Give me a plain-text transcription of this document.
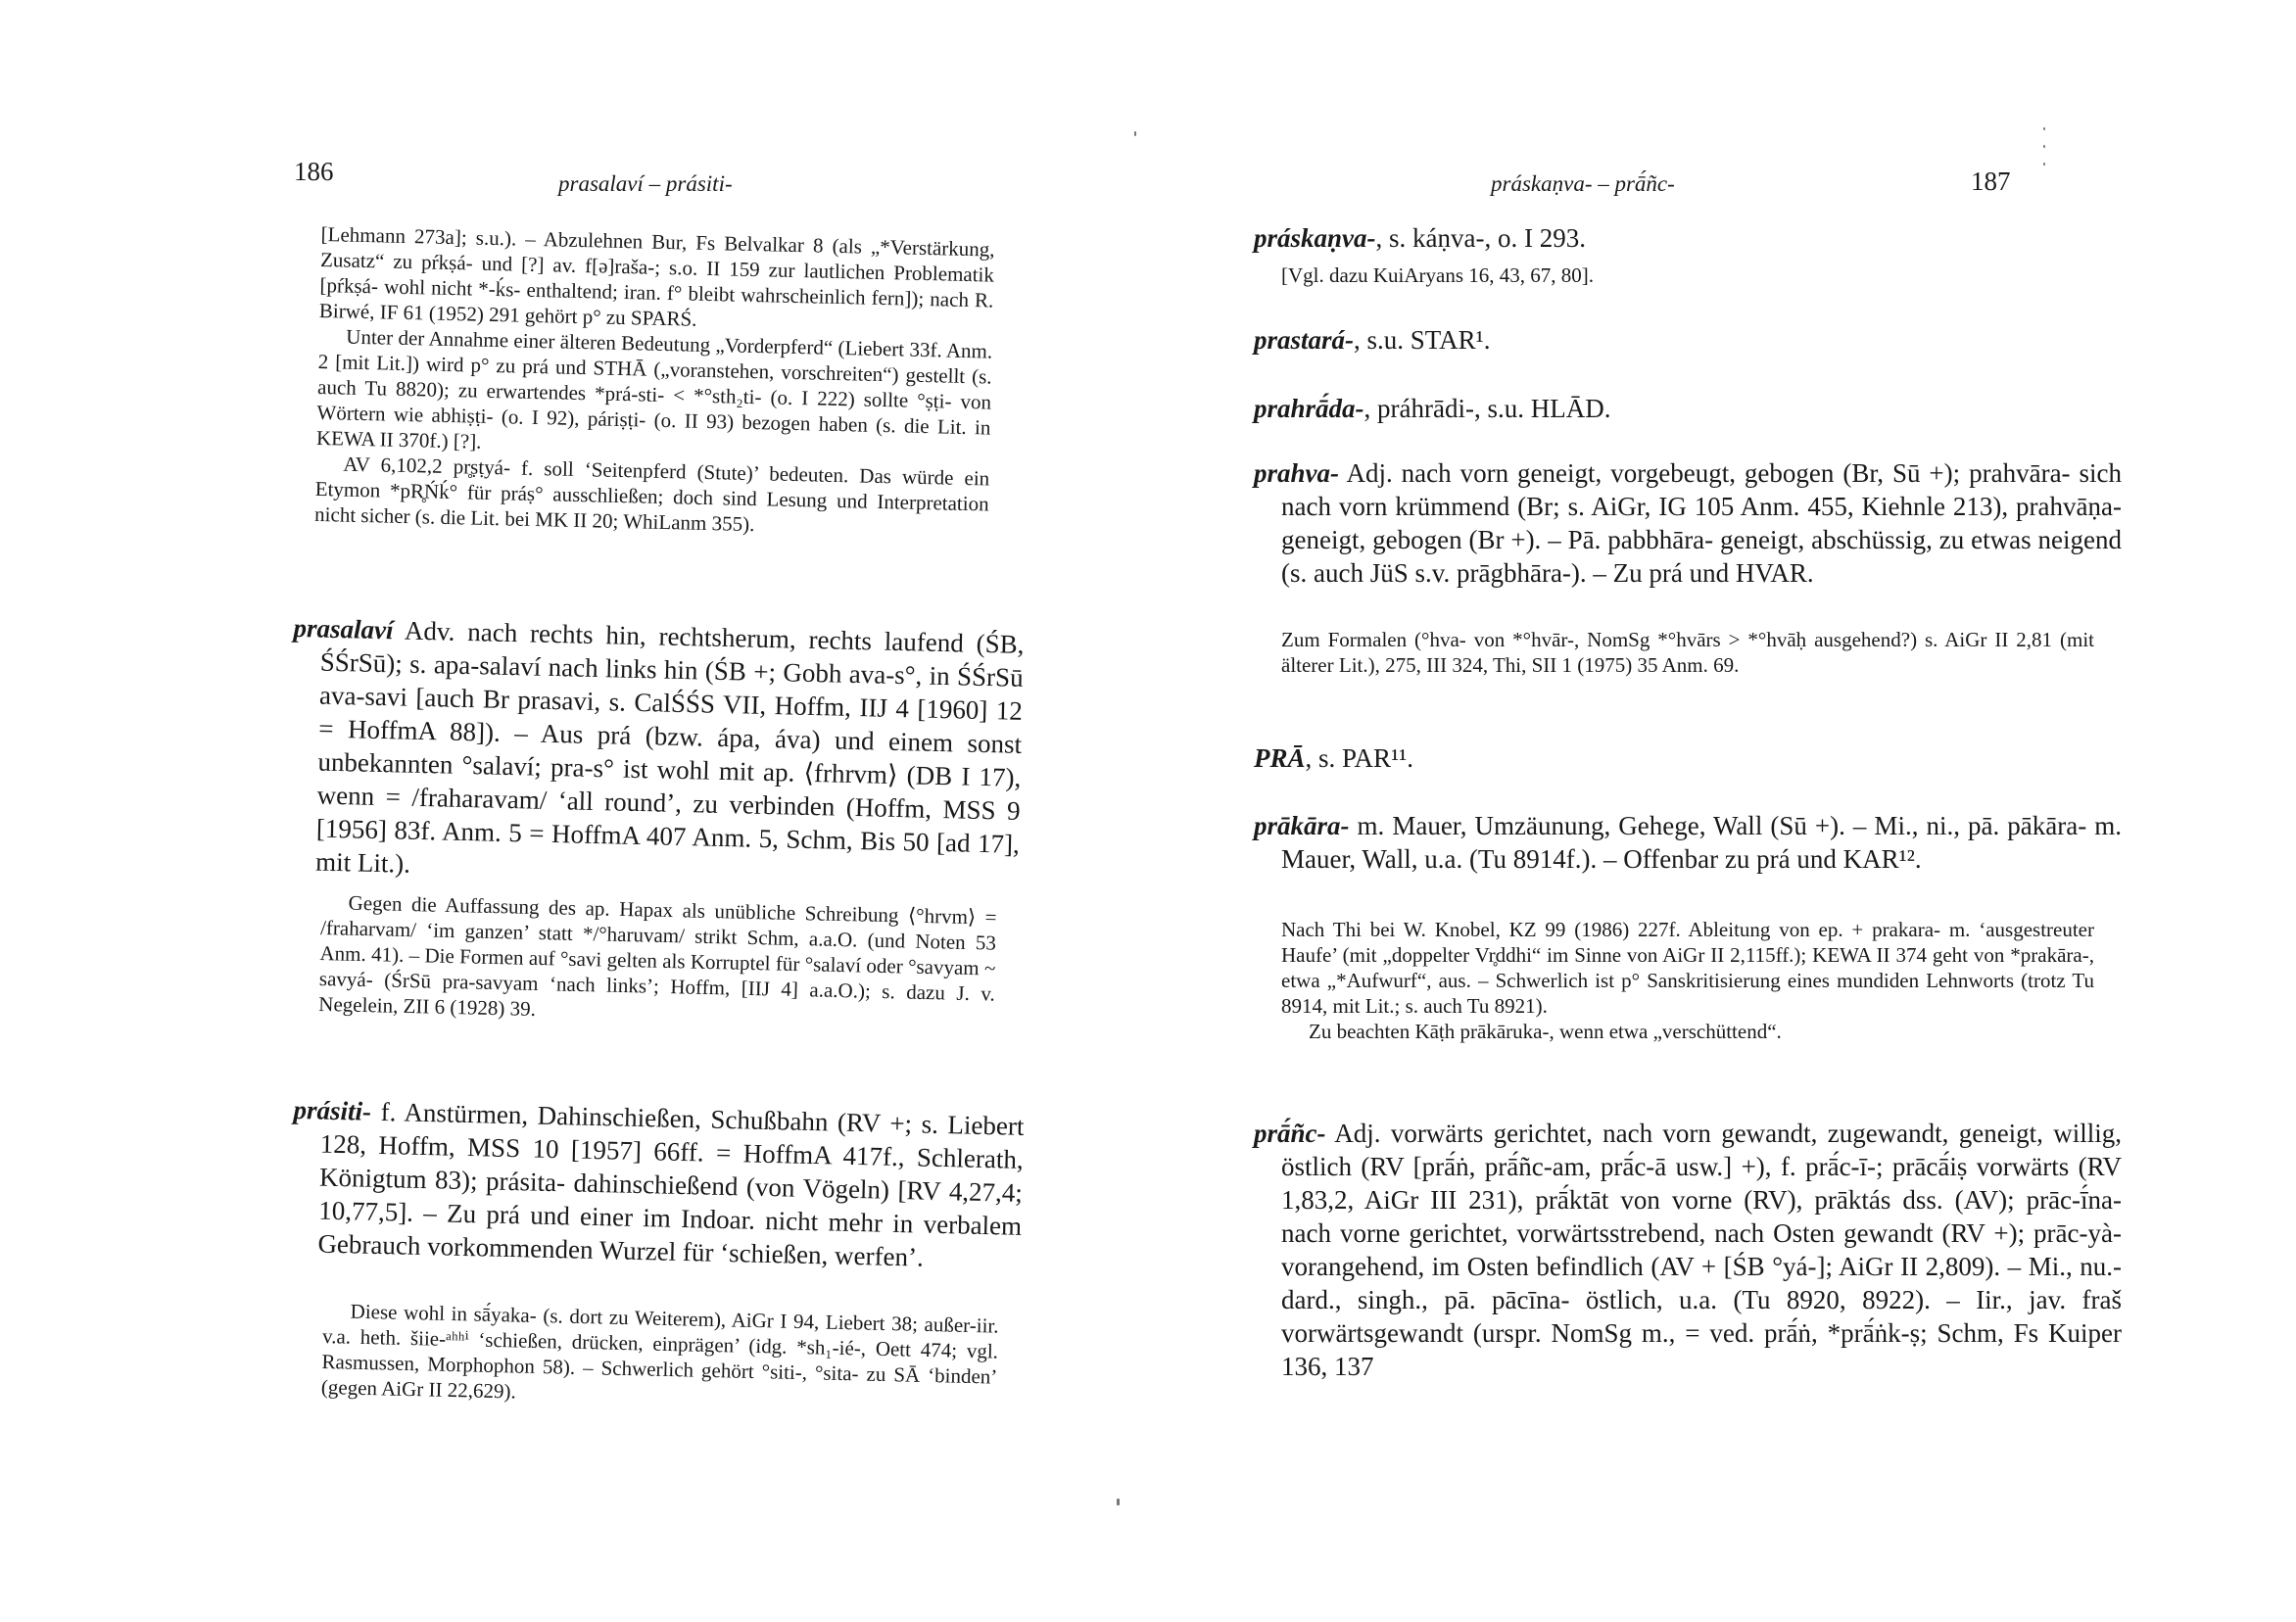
186	prasalaví – prásiti-

[Lehmann 273a]; s.u.). – Abzulehnen Bur, Fs Belvalkar 8 (als „*Verstärkung, Zusatz“ zu pŕkṣá- und [?] av. f[ə]raša-; s.o. II 159 zur lautlichen Problematik [pŕkṣá- wohl nicht *-ḱs- enthaltend; iran. f° bleibt wahrscheinlich fern]); nach R. Birwé, IF 61 (1952) 291 gehört p° zu SPARŚ.

Unter der Annahme einer älteren Bedeutung „Vorderpferd“ (Liebert 33f. Anm. 2 [mit Lit.]) wird p° zu prá und STHĀ („voranstehen, vorschreiten“) gestellt (s. auch Tu 8820); zu erwartendes *prá-sti- < *°sth₂ti- (o. I 222) sollte °ṣṭi- von Wörtern wie abhiṣṭi- (o. I 92), páriṣṭi- (o. II 93) bezogen haben (s. die Lit. in KEWA II 370f.) [?].

AV 6,102,2 pr̥ṣṭyá- f. soll ‘Seitenpferd (Stute)’ bedeuten. Das würde ein Etymon *pR̥Ńḱ° für práṣ° ausschließen; doch sind Lesung und Interpretation nicht sicher (s. die Lit. bei MK II 20; WhiLanm 355).

prasalaví Adv. nach rechts hin, rechtsherum, rechts laufend (ŚB, ŚŚrSū); s. apa-salaví nach links hin (ŚB +; Gobh ava-s°, in ŚŚrSū ava-savi [auch Br prasavi, s. CalŚŚS VII, Hoffm, IIJ 4 [1960] 12 = HoffmA 88]). – Aus prá (bzw. ápa, áva) und einem sonst unbekannten °salaví; pra-s° ist wohl mit ap. ⟨frhrvm⟩ (DB I 17), wenn = /fraharavam/ ‘all round’, zu verbinden (Hoffm, MSS 9 [1956] 83f. Anm. 5 = HoffmA 407 Anm. 5, Schm, Bis 50 [ad 17], mit Lit.).

Gegen die Auffassung des ap. Hapax als unübliche Schreibung ⟨°hrvm⟩ = /fraharvam/ ‘im ganzen’ statt */°haruvam/ strikt Schm, a.a.O. (und Noten 53 Anm. 41). – Die Formen auf °savi gelten als Korruptel für °salaví oder °savyam ~ savyá- (ŚrSū pra-savyam ‘nach links’; Hoffm, [IIJ 4] a.a.O.); s. dazu J. v. Negelein, ZII 6 (1928) 39.

prásiti- f. Anstürmen, Dahinschießen, Schußbahn (RV +; s. Liebert 128, Hoffm, MSS 10 [1957] 66ff. = HoffmA 417f., Schlerath, Königtum 83); prásita- dahinschießend (von Vögeln) [RV 4,27,4; 10,77,5]. – Zu prá und einer im Indoar. nicht mehr in verbalem Gebrauch vorkommenden Wurzel für ‘schießen, werfen’.

Diese wohl in sā́yaka- (s. dort zu Weiterem), AiGr I 94, Liebert 38; außer-iir. v.a. heth. šiie-ᵃʰʰⁱ ‘schießen, drücken, einprägen’ (idg. *sh₁-ié-, Oett 474; vgl. Rasmussen, Morphophon 58). – Schwerlich gehört °siti-, °sita- zu SĀ ‘binden’ (gegen AiGr II 22,629).

práskaṇva- – prā́ñc-	187
práskaṇva-, s. káṇva-, o. I 293.

[Vgl. dazu KuiAryans 16, 43, 67, 80].

prastará-, s.u. STAR¹.
prahrā́da-, práhrādi-, s.u. HLĀD.
prahva- Adj. nach vorn geneigt, vorgebeugt, gebogen (Br, Sū +); prahvāra- sich nach vorn krümmend (Br; s. AiGr, IG 105 Anm. 455, Kiehnle 213), prahvāṇa- geneigt, gebogen (Br +). – Pā. pabbhāra- geneigt, abschüssig, zu etwas neigend (s. auch JüS s.v. prāgbhāra-). – Zu prá und HVAR.

Zum Formalen (°hva- von *°hvār-, NomSg *°hvārs > *°hvāḥ ausgehend?) s. AiGr II 2,81 (mit älterer Lit.), 275, III 324, Thi, SII 1 (1975) 35 Anm. 69.

PRĀ, s. PAR¹¹.
prākāra- m. Mauer, Umzäunung, Gehege, Wall (Sū +). – Mi., ni., pā. pākāra- m. Mauer, Wall, u.a. (Tu 8914f.). – Offenbar zu prá und KAR¹².

Nach Thi bei W. Knobel, KZ 99 (1986) 227f. Ableitung von ep. + prakara- m. ‘ausgestreuter Haufe’ (mit „doppelter Vr̥ddhi“ im Sinne von AiGr II 2,115ff.); KEWA II 374 geht von *prakāra-, etwa „*Aufwurf“, aus. – Schwerlich ist p° Sanskritisierung eines mundiden Lehnworts (trotz Tu 8914, mit Lit.; s. auch Tu 8921).

Zu beachten Kāṭh prākāruka-, wenn etwa „verschüttend“.

prā́ñc- Adj. vorwärts gerichtet, nach vorn gewandt, zugewandt, geneigt, willig, östlich (RV [prā́ṅ, prā́ñc-am, prā́c-ā usw.] +), f. prā́c-ī-; prācā́iṣ vorwärts (RV 1,83,2, AiGr III 231), prā́ktāt von vorne (RV), prāktás dss. (AV); prāc-ī́na- nach vorne gerichtet, vorwärtsstrebend, nach Osten gewandt (RV +); prāc-yà- vorangehend, im Osten befindlich (AV + [ŚB °yá-]; AiGr II 2,809). – Mi., nu.-dard., singh., pā. pācīna- östlich, u.a. (Tu 8920, 8922). – Iir., jav. fraš vorwärtsgewandt (urspr. NomSg m., = ved. prā́ṅ, *prā́ṅk-ṣ; Schm, Fs Kuiper 136, 137
